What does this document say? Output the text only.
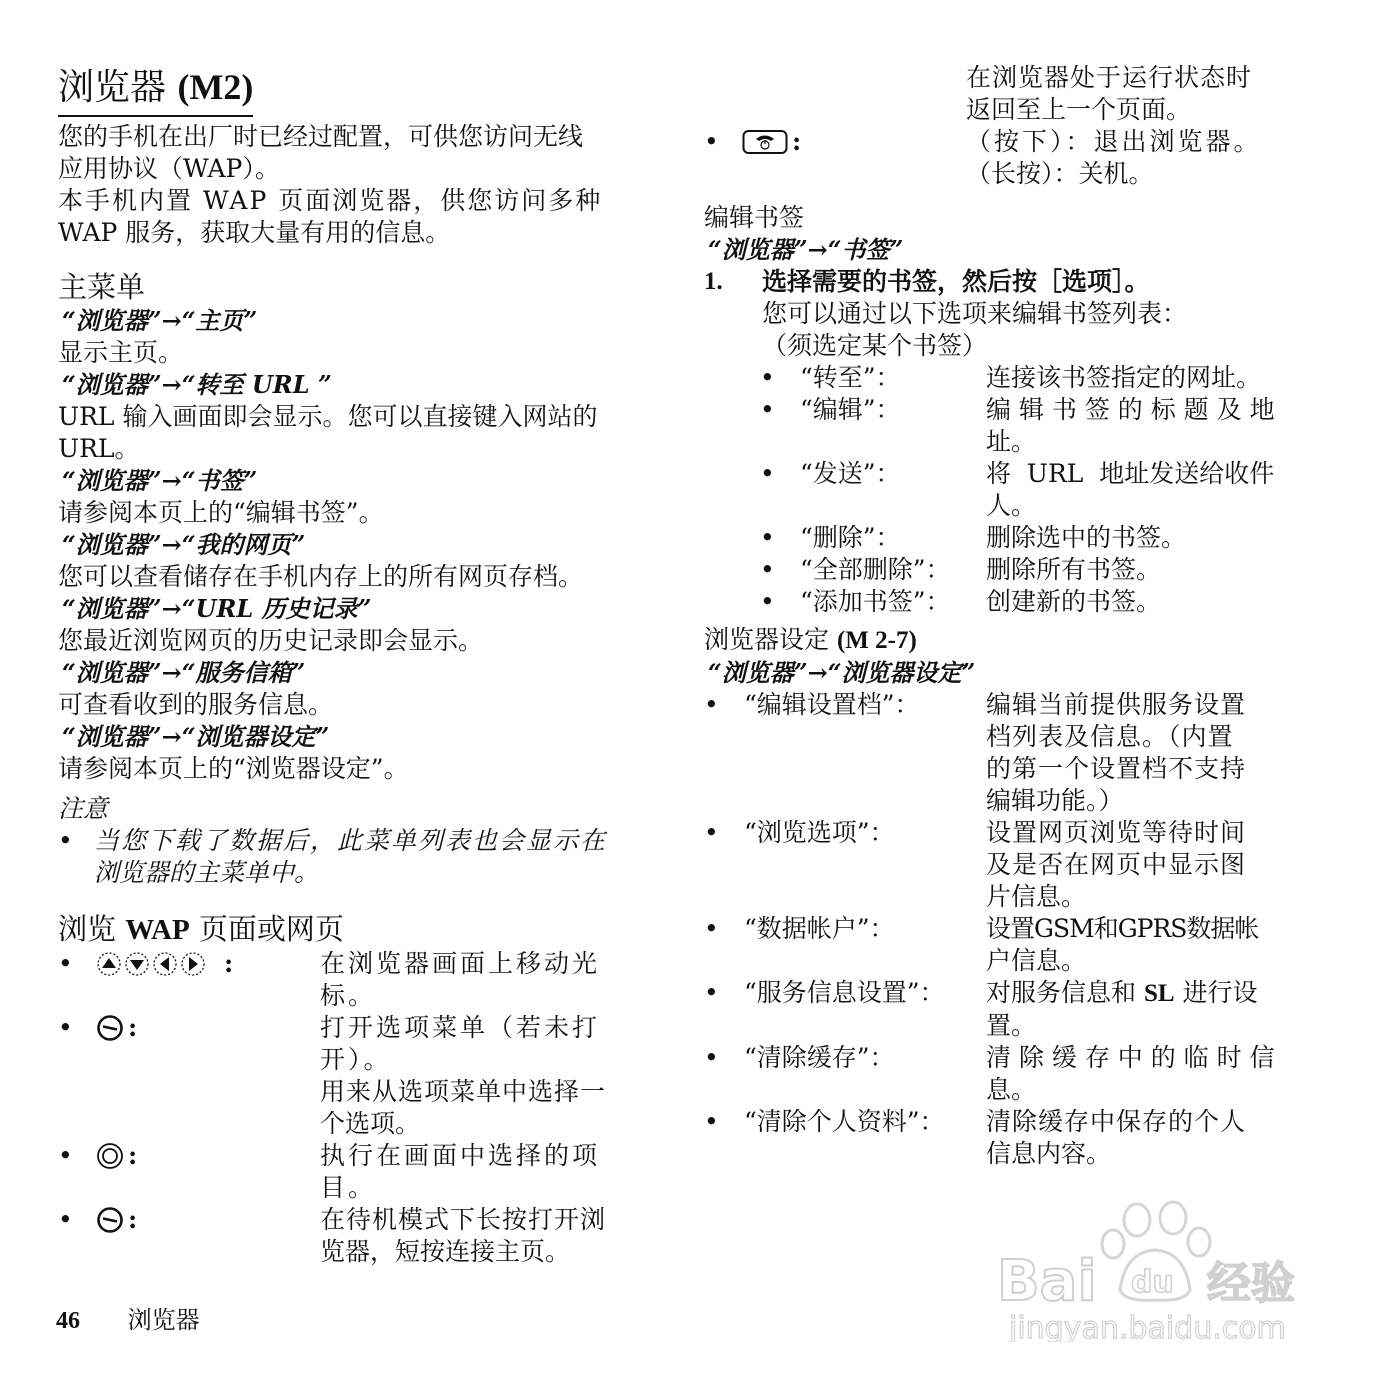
浏览器 (M2)
您的手机在出厂时已经过配置，可供您访问无线
应用协议（WAP）。
本手机内置 WAP 页面浏览器，供您访问多种
WAP 服务，获取大量有用的信息。
主菜单
“浏览器”→“主页”
显示主页。
“浏览器”→“转至 URL ”
URL 输入画面即会显示。您可以直接键入网站的
URL。
“浏览器”→“书签”
请参阅本页上的“编辑书签”。
“浏览器”→“我的网页”
您可以查看储存在手机内存上的所有网页存档。
“浏览器”→“URL 历史记录”
您最近浏览网页的历史记录即会显示。
“浏览器”→“服务信箱”
可查看收到的服务信息。
“浏览器”→“浏览器设定”
请参阅本页上的“浏览器设定”。
注意
• 当您下载了数据后，此菜单列表也会显示在
浏览器的主菜单中。
浏览 WAP 页面或网页
•	:	在浏览器画面上移动光
标。
• :	打开选项菜单（若未打
开）。
用来从选项菜单中选择一
个选项。
• :	执行在画面中选择的项
目。
• :	在待机模式下长按打开浏
览器，短按连接主页。
在浏览器处于运行状态时
返回至上一个页面。
•	:	（按下）：退出浏览器。
（长按）：关机。
编辑书签
“浏览器”→“书签”
1. 选择需要的书签，然后按［选项］。
您可以通过以下选项来编辑书签列表：
（须选定某个书签）
• “转至”：	连接该书签指定的网址。
• “编辑”：	编 辑 书 签 的 标 题 及 地
址。
• “发送”：	将  URL  地址发送给收件
人。
• “删除”：	删除选中的书签。
• “全部删除”： 删除所有书签。
• “添加书签”： 创建新的书签。
浏览器设定 (M 2-7)
“浏览器”→“浏览器设定”
• “编辑设置档”：	编辑当前提供服务设置
档列表及信息。（内置
的第一个设置档不支持
编辑功能。）
• “浏览选项”：	设置网页浏览等待时间
及是否在网页中显示图
片信息。
• “数据帐户”：	设置GSM和GPRS数据帐
户信息。
• “服务信息设置”： 对服务信息和 SL 进行设
置。
• “清除缓存”：	清 除 缓 存 中 的 临 时 信
息。
• “清除个人资料”： 清除缓存中保存的个人
信息内容。
46 浏览器
Bai du 经验
jingyan.baidu.com
